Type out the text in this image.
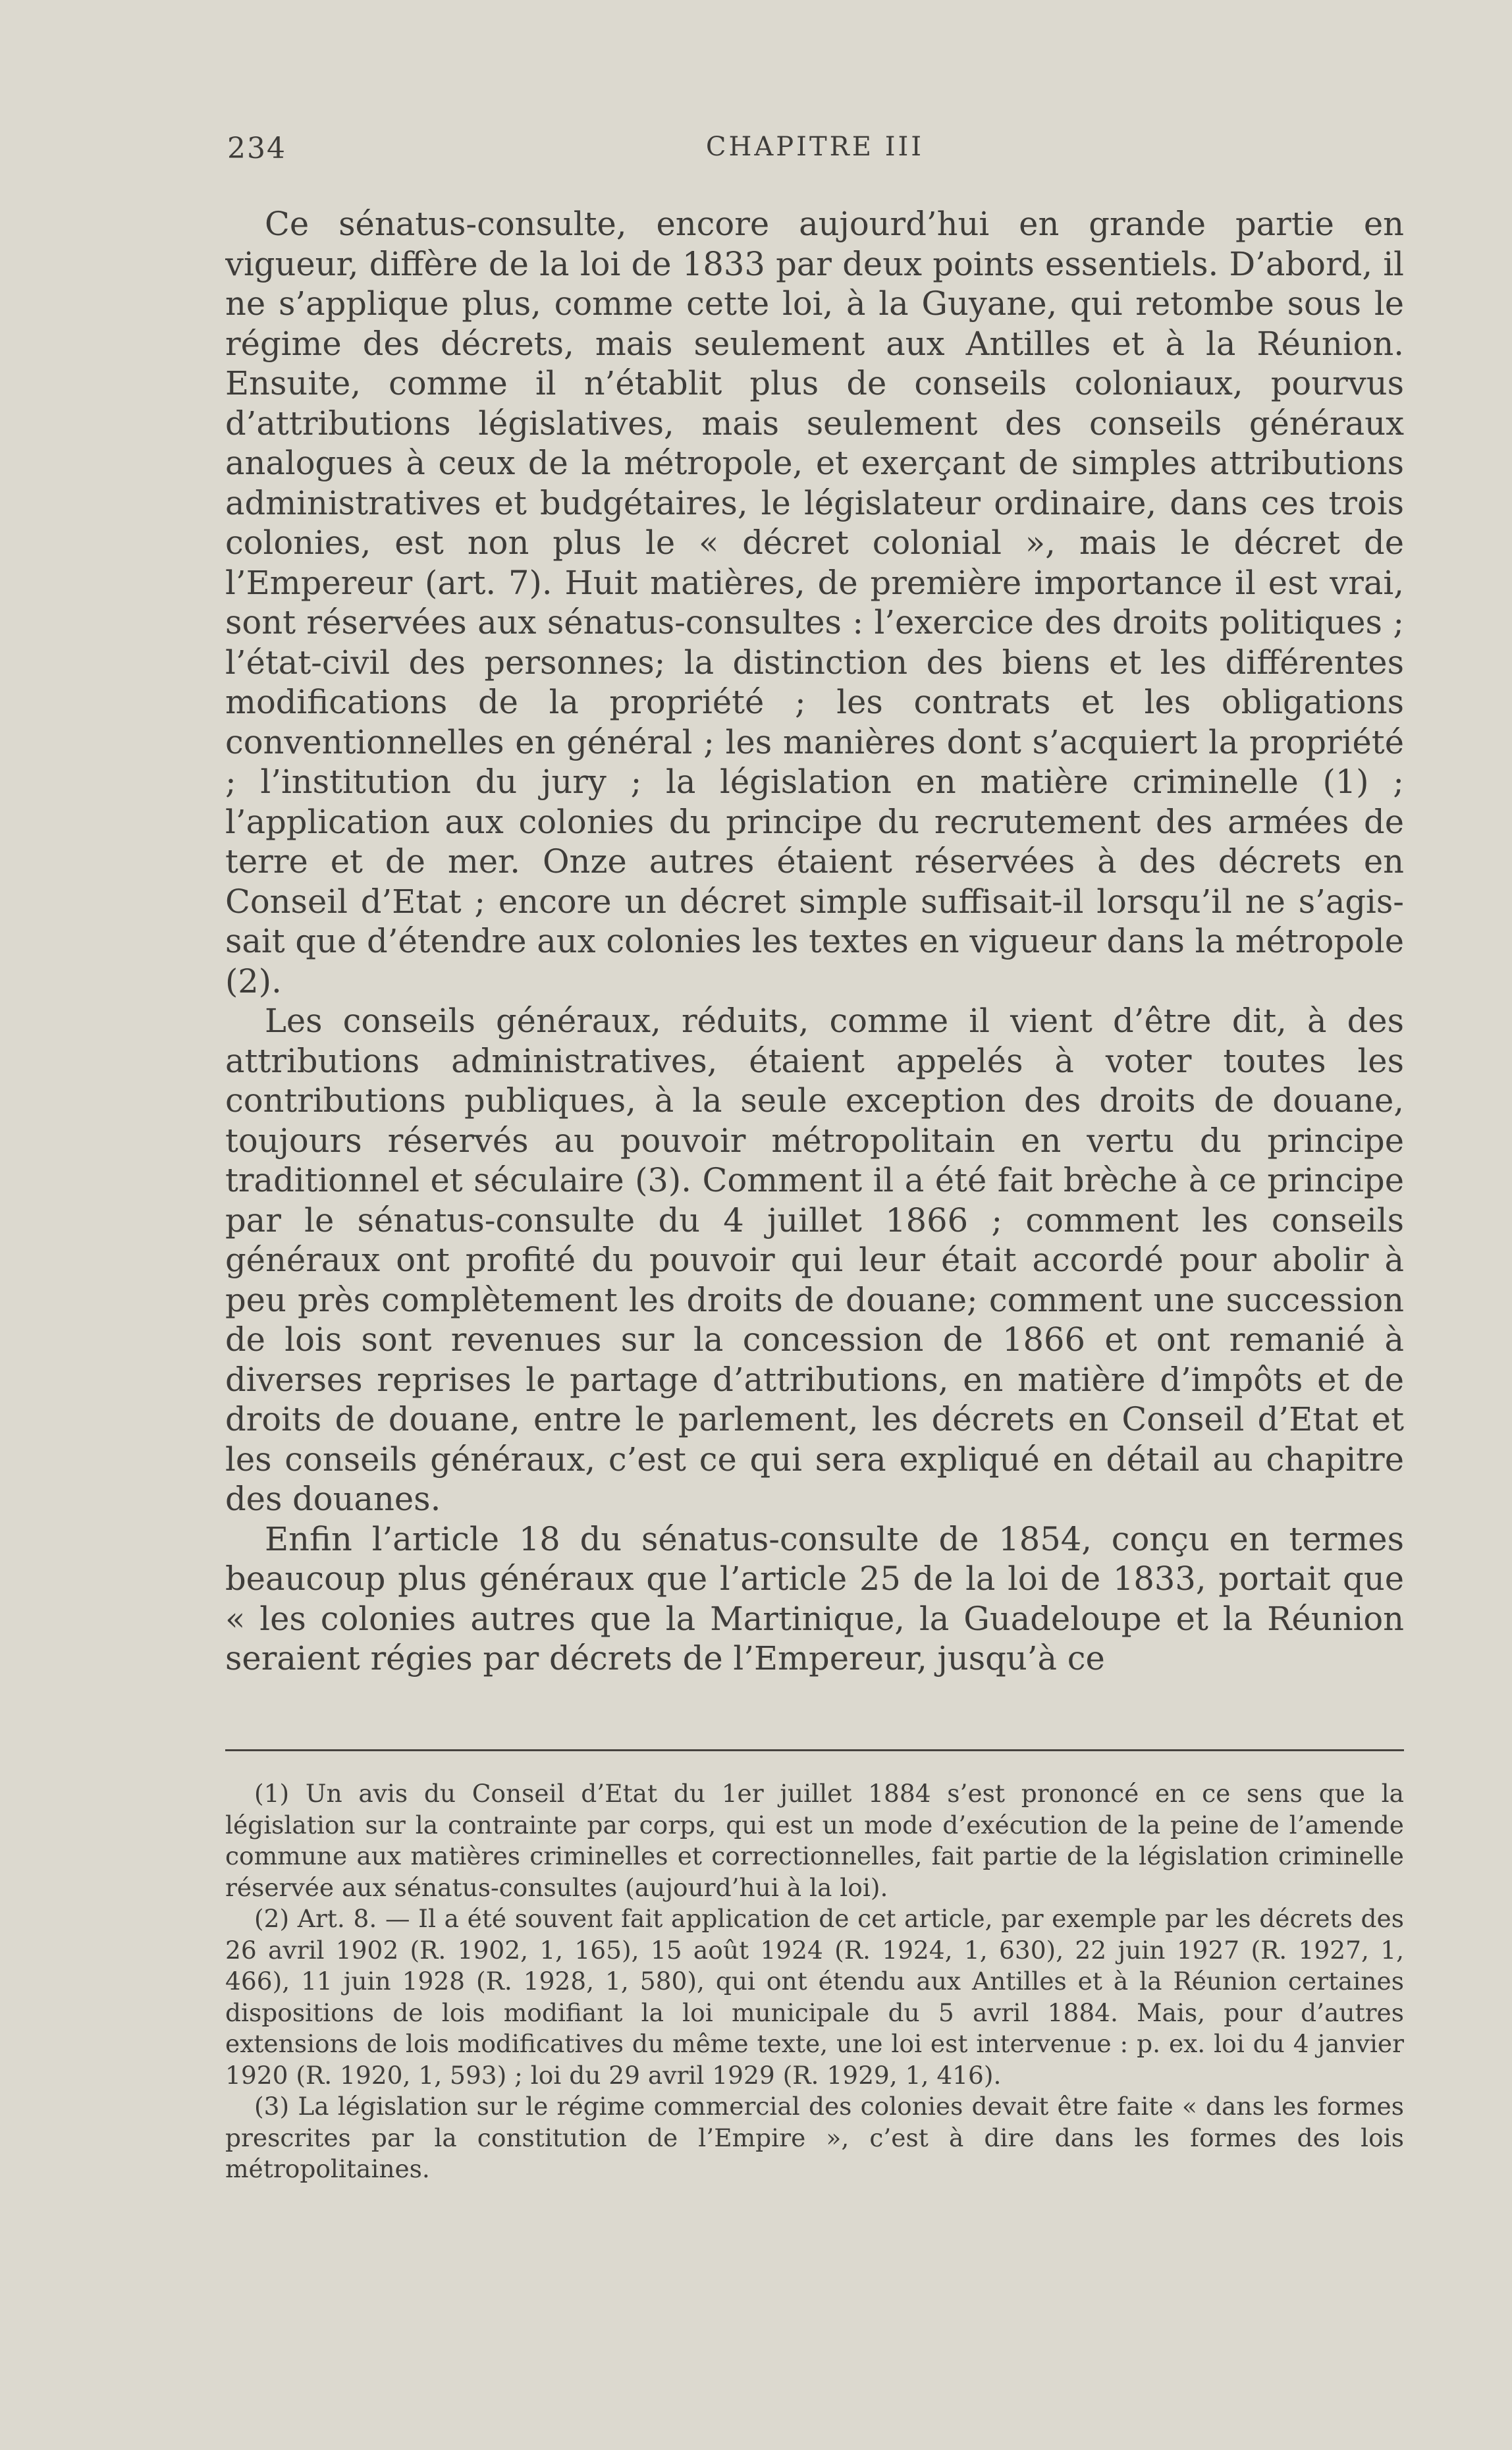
234	CHAPITRE III

Ce sénatus-consulte, encore aujourd’hui en grande partie en vigueur, diffère de la loi de 1833 par deux points essentiels. D’abord, il ne s’applique plus, comme cette loi, à la Guyane, qui retombe sous le régime des décrets, mais seulement aux Antilles et à la Réunion. Ensuite, comme il n’établit plus de conseils coloniaux, pourvus d’attributions législatives, mais seulement des conseils généraux analogues à ceux de la métropole, et exerçant de simples attributions administratives et budgétaires, le législateur ordinaire, dans ces trois colonies, est non plus le « décret colonial », mais le décret de l’Empereur (art. 7). Huit matières, de première importance il est vrai, sont réservées aux sénatus-consultes : l’exercice des droits politiques ; l’état-civil des personnes; la distinction des biens et les différentes modifications de la propriété ; les contrats et les obligations conventionnelles en général ; les manières dont s’acquiert la propriété ; l’institution du jury ; la législation en matière criminelle (1) ; l’application aux colonies du principe du recrutement des armées de terre et de mer. Onze autres étaient réservées à des décrets en Conseil d’Etat ; encore un décret simple suffisait-il lorsqu’il ne s’agissait que d’étendre aux colonies les textes en vigueur dans la métropole (2).

Les conseils généraux, réduits, comme il vient d’être dit, à des attributions administratives, étaient appelés à voter toutes les contributions publiques, à la seule exception des droits de douane, toujours réservés au pouvoir métropolitain en vertu du principe traditionnel et séculaire (3). Comment il a été fait brèche à ce principe par le sénatus-consulte du 4 juillet 1866 ; comment les conseils généraux ont profité du pouvoir qui leur était accordé pour abolir à peu près complètement les droits de douane; comment une succession de lois sont revenues sur la concession de 1866 et ont remanié à diverses reprises le partage d’attributions, en matière d’impôts et de droits de douane, entre le parlement, les décrets en Conseil d’Etat et les conseils généraux, c’est ce qui sera expliqué en détail au chapitre des douanes.

Enfin l’article 18 du sénatus-consulte de 1854, conçu en termes beaucoup plus généraux que l’article 25 de la loi de 1833, portait que « les colonies autres que la Martinique, la Guadeloupe et la Réunion seraient régies par décrets de l’Empereur, jusqu’à ce

(1) Un avis du Conseil d’Etat du 1er juillet 1884 s’est prononcé en ce sens que la législation sur la contrainte par corps, qui est un mode d’exécution de la peine de l’amende commune aux matières criminelles et correctionnelles, fait partie de la législation criminelle réservée aux sénatus-consultes (aujourd’hui à la loi).

(2) Art. 8. — Il a été souvent fait application de cet article, par exemple par les décrets des 26 avril 1902 (R. 1902, 1, 165), 15 août 1924 (R. 1924, 1, 630), 22 juin 1927 (R. 1927, 1, 466), 11 juin 1928 (R. 1928, 1, 580), qui ont étendu aux Antilles et à la Réunion certaines dispositions de lois modifiant la loi municipale du 5 avril 1884. Mais, pour d’autres extensions de lois modificatives du même texte, une loi est intervenue : p. ex. loi du 4 janvier 1920 (R. 1920, 1, 593) ; loi du 29 avril 1929 (R. 1929, 1, 416).

(3) La législation sur le régime commercial des colonies devait être faite « dans les formes prescrites par la constitution de l’Empire », c’est à dire dans les formes des lois métropolitaines.
